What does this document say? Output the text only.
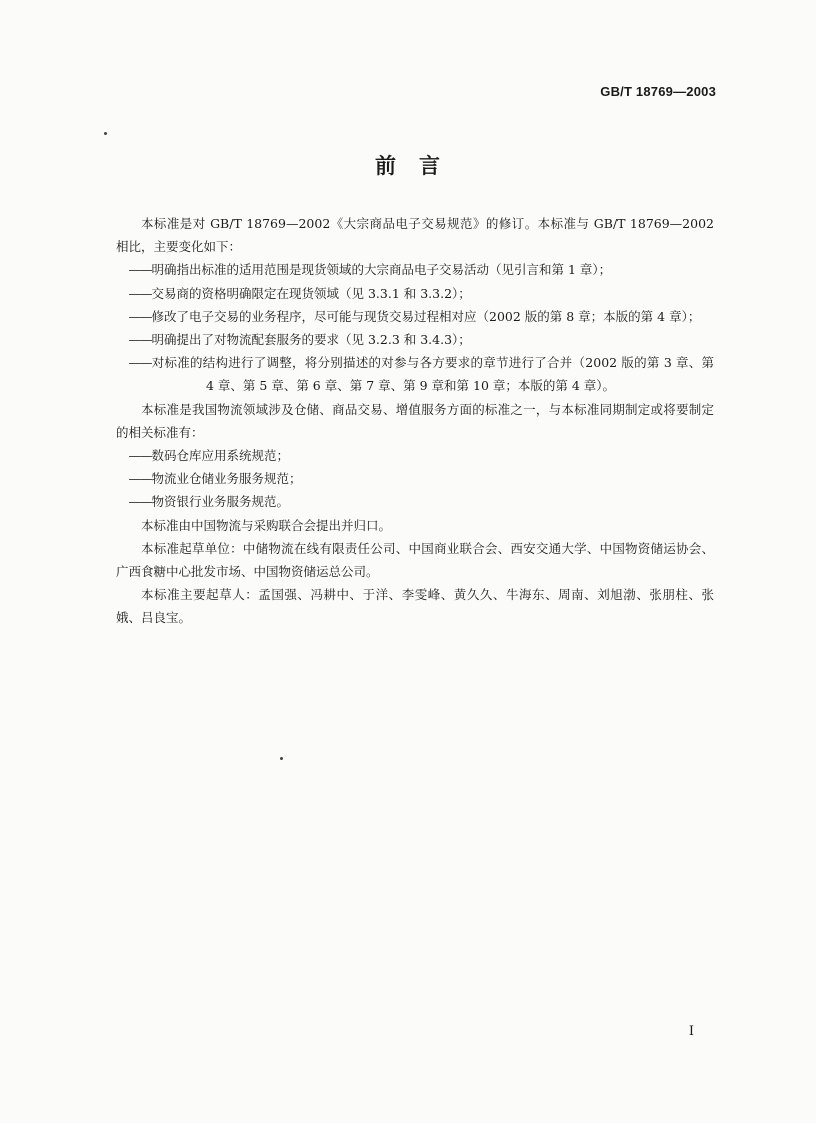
GB/T 18769—2003
前　言

本标准是对 GB/T 18769—2002《大宗商品电子交易规范》的修订。本标准与 GB/T 18769—2002 相比，主要变化如下：

——明确指出标准的适用范围是现货领域的大宗商品电子交易活动（见引言和第 1 章）；

——交易商的资格明确限定在现货领域（见 3.3.1 和 3.3.2）；

——修改了电子交易的业务程序，尽可能与现货交易过程相对应（2002 版的第 8 章；本版的第 4 章）；

——明确提出了对物流配套服务的要求（见 3.2.3 和 3.4.3）；

——对标准的结构进行了调整，将分别描述的对参与各方要求的章节进行了合并（2002 版的第 3 章、第 4 章、第 5 章、第 6 章、第 7 章、第 9 章和第 10 章；本版的第 4 章）。

本标准是我国物流领域涉及仓储、商品交易、增值服务方面的标准之一，与本标准同期制定或将要制定的相关标准有：

——数码仓库应用系统规范；

——物流业仓储业务服务规范；

——物资银行业务服务规范。

本标准由中国物流与采购联合会提出并归口。

本标准起草单位：中储物流在线有限责任公司、中国商业联合会、西安交通大学、中国物资储运协会、广西食糖中心批发市场、中国物资储运总公司。

本标准主要起草人：孟国强、冯耕中、于洋、李雯峰、黄久久、牛海东、周南、刘旭渤、张朋柱、张娥、吕良宝。

I
